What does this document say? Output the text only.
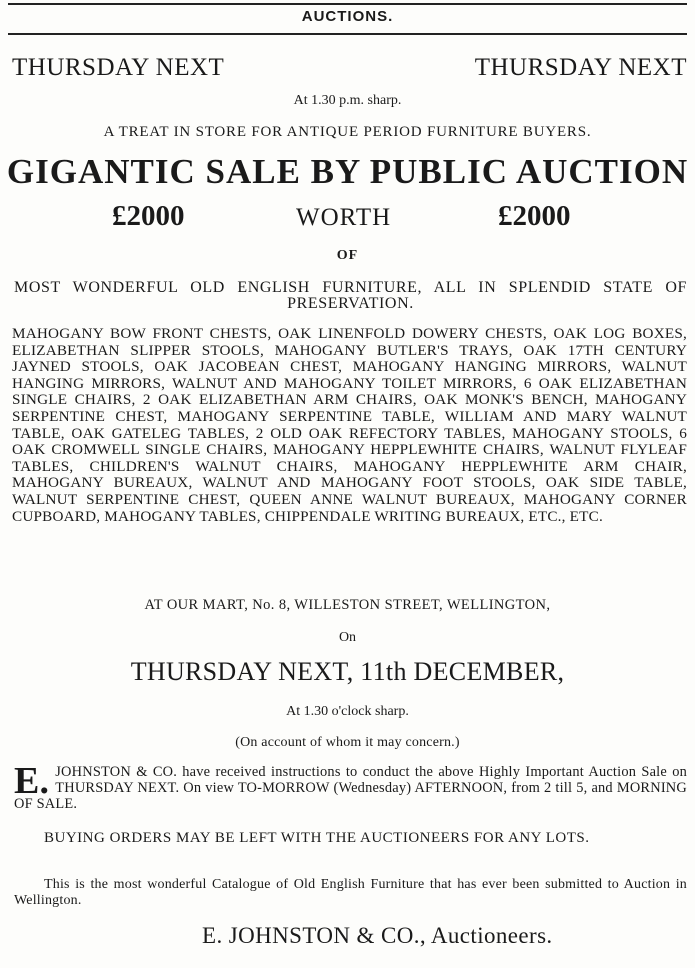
AUCTIONS.
THURSDAY NEXT	THURSDAY NEXT
At 1.30 p.m. sharp.
A TREAT IN STORE FOR ANTIQUE PERIOD FURNITURE BUYERS.
GIGANTIC SALE BY PUBLIC AUCTION
£2000	WORTH	£2000
OF
MOST WONDERFUL OLD ENGLISH FURNITURE, ALL IN SPLENDID STATE OF PRESERVATION.
MAHOGANY BOW FRONT CHESTS, OAK LINENFOLD DOWERY CHESTS, OAK LOG BOXES, ELIZABETHAN SLIPPER STOOLS, MAHOGANY BUTLER'S TRAYS, OAK 17TH CENTURY JAYNED STOOLS, OAK JACOBEAN CHEST, MAHOGANY HANGING MIRRORS, WALNUT HANGING MIRRORS, WALNUT AND MAHOGANY TOILET MIRRORS, 6 OAK ELIZABETHAN SINGLE CHAIRS, 2 OAK ELIZABETHAN ARM CHAIRS, OAK MONK'S BENCH, MAHOGANY SERPENTINE CHEST, MAHOGANY SERPENTINE TABLE, WILLIAM AND MARY WALNUT TABLE, OAK GATELEG TABLES, 2 OLD OAK REFECTORY TABLES, MAHOGANY STOOLS, 6 OAK CROMWELL SINGLE CHAIRS, MAHOGANY HEPPLEWHITE CHAIRS, WALNUT FLYLEAF TABLES, CHILDREN'S WALNUT CHAIRS, MAHOGANY HEPPLEWHITE ARM CHAIR, MAHOGANY BUREAUX, WALNUT AND MAHOGANY FOOT STOOLS, OAK SIDE TABLE, WALNUT SERPENTINE CHEST, QUEEN ANNE WALNUT BUREAUX, MAHOGANY CORNER CUPBOARD, MAHOGANY TABLES, CHIPPENDALE WRITING BUREAUX, ETC., ETC.
AT OUR MART, No. 8, WILLESTON STREET, WELLINGTON,
On
THURSDAY NEXT, 11th DECEMBER,
At 1.30 o'clock sharp.
(On account of whom it may concern.)
E. JOHNSTON & CO. have received instructions to conduct the above Highly Important Auction Sale on THURSDAY NEXT. On view TO-MORROW (Wednesday) AFTERNOON, from 2 till 5, and MORNING OF SALE.
BUYING ORDERS MAY BE LEFT WITH THE AUCTIONEERS FOR ANY LOTS.
This is the most wonderful Catalogue of Old English Furniture that has ever been submitted to Auction in Wellington.
E. JOHNSTON & CO., Auctioneers.
